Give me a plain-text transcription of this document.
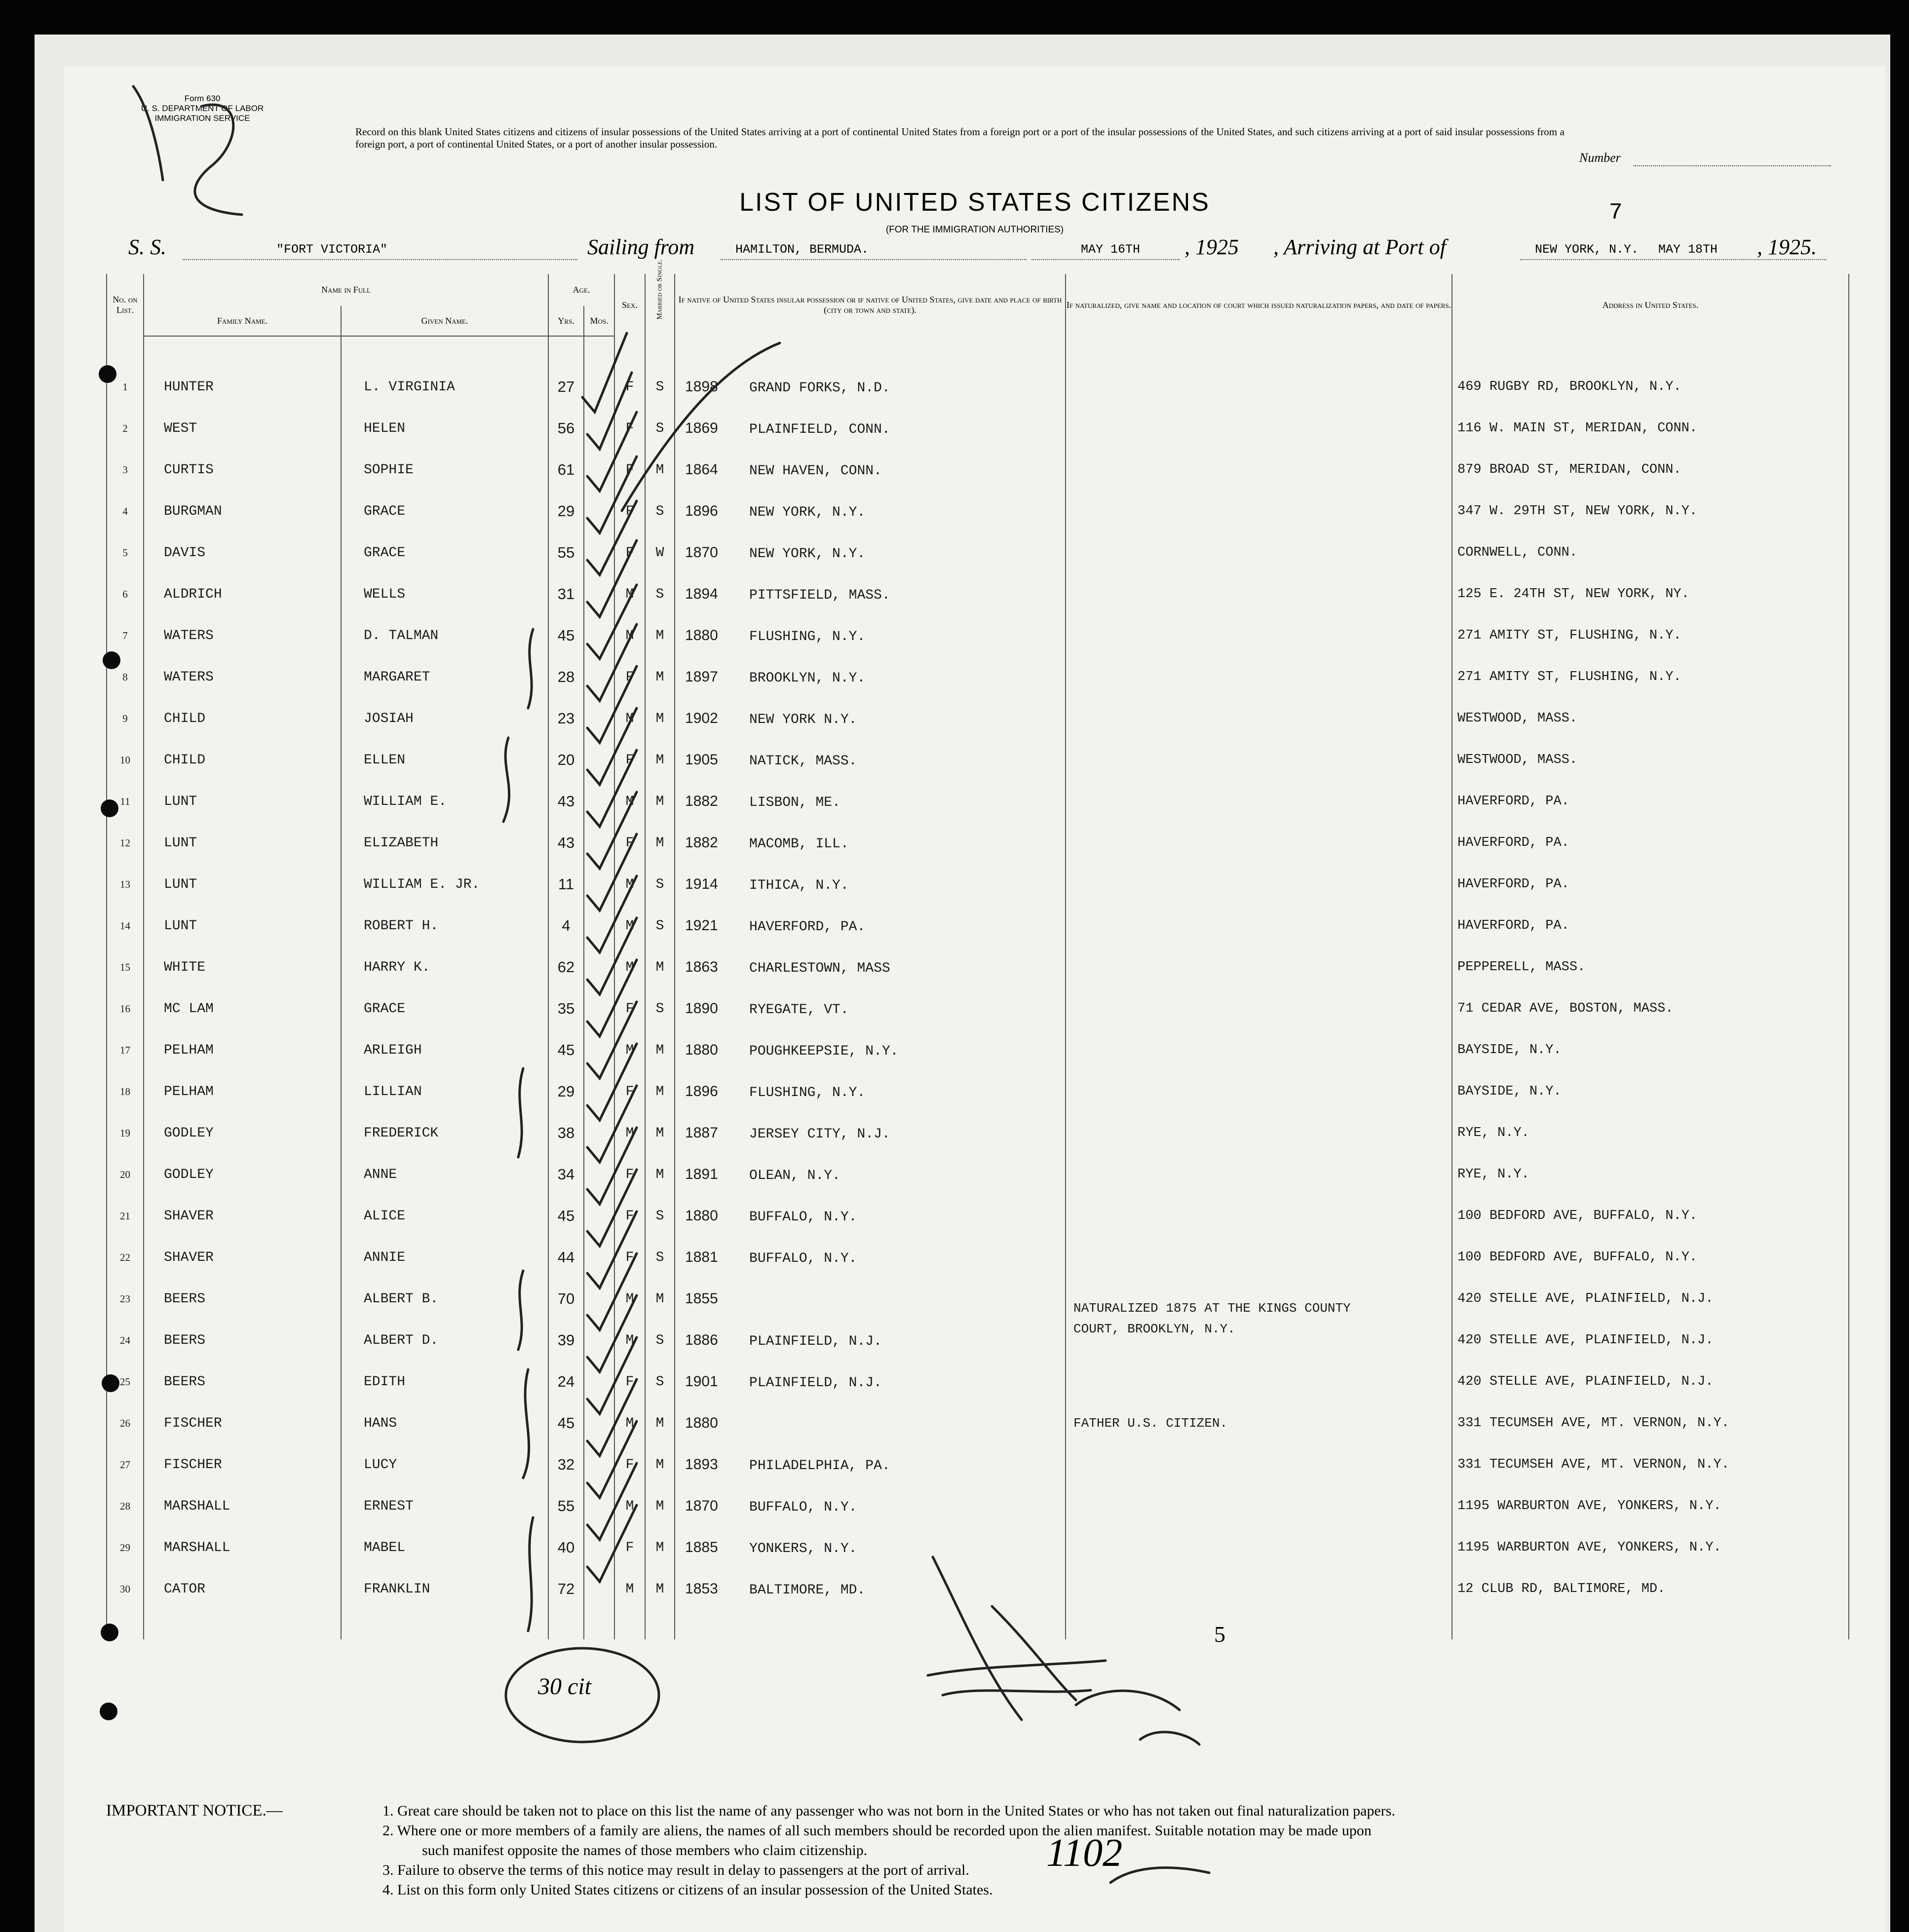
Form 630
U. S. DEPARTMENT OF LABOR
IMMIGRATION SERVICE
Record on this blank United States citizens and citizens of insular possessions of the United States arriving at a port of continental United States from a foreign port or a port of the insular possessions of the United States, and such citizens arriving at a port of said insular possessions from a foreign port, a port of continental United States, or a port of another insular possession.
Number
LIST OF UNITED STATES CITIZENS
(FOR THE IMMIGRATION AUTHORITIES)
7
S. S.	"FORT VICTORIA"	Sailing from	HAMILTON, BERMUDA.	MAY 16TH , 1925 , Arriving at Port of	NEW YORK, N.Y. MAY 18TH , 1925.
No. on List.	Name in Full		Age.		Sex.	Married or Single.	If native of United States insular possession or if native of United States, give date and place of birth (city or town and state).	If naturalized, give name and location of court which issued naturalization papers, and date of papers.	Address in United States.
	Family Name.	Given Name.	Yrs.	Mos.					

1	HUNTER	L. VIRGINIA	27		F	S	1898 GRAND FORKS, N.D.		469 RUGBY RD, BROOKLYN, N.Y.
2	WEST	HELEN	56		F	S	1869 PLAINFIELD, CONN.		116 W. MAIN ST, MERIDAN, CONN.
3	CURTIS	SOPHIE	61		F	M	1864 NEW HAVEN, CONN.		879 BROAD ST, MERIDAN, CONN.
4	BURGMAN	GRACE	29		F	S	1896 NEW YORK, N.Y.		347 W. 29TH ST, NEW YORK, N.Y.
5	DAVIS	GRACE	55		F	W	1870 NEW YORK, N.Y.		CORNWELL, CONN.
6	ALDRICH	WELLS	31		M	S	1894 PITTSFIELD, MASS.		125 E. 24TH ST, NEW YORK, NY.
7	WATERS	D. TALMAN	45		M	M	1880 FLUSHING, N.Y.		271 AMITY ST, FLUSHING, N.Y.
8	WATERS	MARGARET	28		F	M	1897 BROOKLYN, N.Y.		271 AMITY ST, FLUSHING, N.Y.
9	CHILD	JOSIAH	23		M	M	1902 NEW YORK N.Y.		WESTWOOD, MASS.
10	CHILD	ELLEN	20		F	M	1905 NATICK, MASS.		WESTWOOD, MASS.
11	LUNT	WILLIAM E.	43		M	M	1882 LISBON, ME.		HAVERFORD, PA.
12	LUNT	ELIZABETH	43		F	M	1882 MACOMB, ILL.		HAVERFORD, PA.
13	LUNT	WILLIAM E. JR.	11		M	S	1914 ITHICA, N.Y.		HAVERFORD, PA.
14	LUNT	ROBERT H.	4		M	S	1921 HAVERFORD, PA.		HAVERFORD, PA.
15	WHITE	HARRY K.	62		M	M	1863 CHARLESTOWN, MASS		PEPPERELL, MASS.
16	MC LAM	GRACE	35		F	S	1890 RYEGATE, VT.		71 CEDAR AVE, BOSTON, MASS.
17	PELHAM	ARLEIGH	45		M	M	1880 POUGHKEEPSIE, N.Y.		BAYSIDE, N.Y.
18	PELHAM	LILLIAN	29		F	M	1896 FLUSHING, N.Y.		BAYSIDE, N.Y.
19	GODLEY	FREDERICK	38		M	M	1887 JERSEY CITY, N.J.		RYE, N.Y.
20	GODLEY	ANNE	34		F	M	1891 OLEAN, N.Y.		RYE, N.Y.
21	SHAVER	ALICE	45		F	S	1880 BUFFALO, N.Y.		100 BEDFORD AVE, BUFFALO, N.Y.
22	SHAVER	ANNIE	44		F	S	1881 BUFFALO, N.Y.		100 BEDFORD AVE, BUFFALO, N.Y.
23	BEERS	ALBERT B.	70		M	M	1855	NATURALIZED 1875 AT THE KINGS COUNTY COURT, BROOKLYN, N.Y.	420 STELLE AVE, PLAINFIELD, N.J.
24	BEERS	ALBERT D.	39		M	S	1886 PLAINFIELD, N.J.		420 STELLE AVE, PLAINFIELD, N.J.
25	BEERS	EDITH	24		F	S	1901 PLAINFIELD, N.J.		420 STELLE AVE, PLAINFIELD, N.J.
26	FISCHER	HANS	45		M	M	1880	FATHER U.S. CITIZEN.	331 TECUMSEH AVE, MT. VERNON, N.Y.
27	FISCHER	LUCY	32		F	M	1893 PHILADELPHIA, PA.		331 TECUMSEH AVE, MT. VERNON, N.Y.
28	MARSHALL	ERNEST	55		M	M	1870 BUFFALO, N.Y.		1195 WARBURTON AVE, YONKERS, N.Y.
29	MARSHALL	MABEL	40		F	M	1885 YONKERS, N.Y.		1195 WARBURTON AVE, YONKERS, N.Y.
30	CATOR	FRANKLIN	72		M	M	1853 BALTIMORE, MD.		12 CLUB RD, BALTIMORE, MD.

30 cit
5
1102
IMPORTANT NOTICE.—	1. Great care should be taken not to place on this list the name of any passenger who was not born in the United States or who has not taken out final naturalization papers.
2. Where one or more members of a family are aliens, the names of all such members should be recorded upon the alien manifest. Suitable notation may be made upon
such manifest opposite the names of those members who claim citizenship.
3. Failure to observe the terms of this notice may result in delay to passengers at the port of arrival.
4. List on this form only United States citizens or citizens of an insular possession of the United States.
